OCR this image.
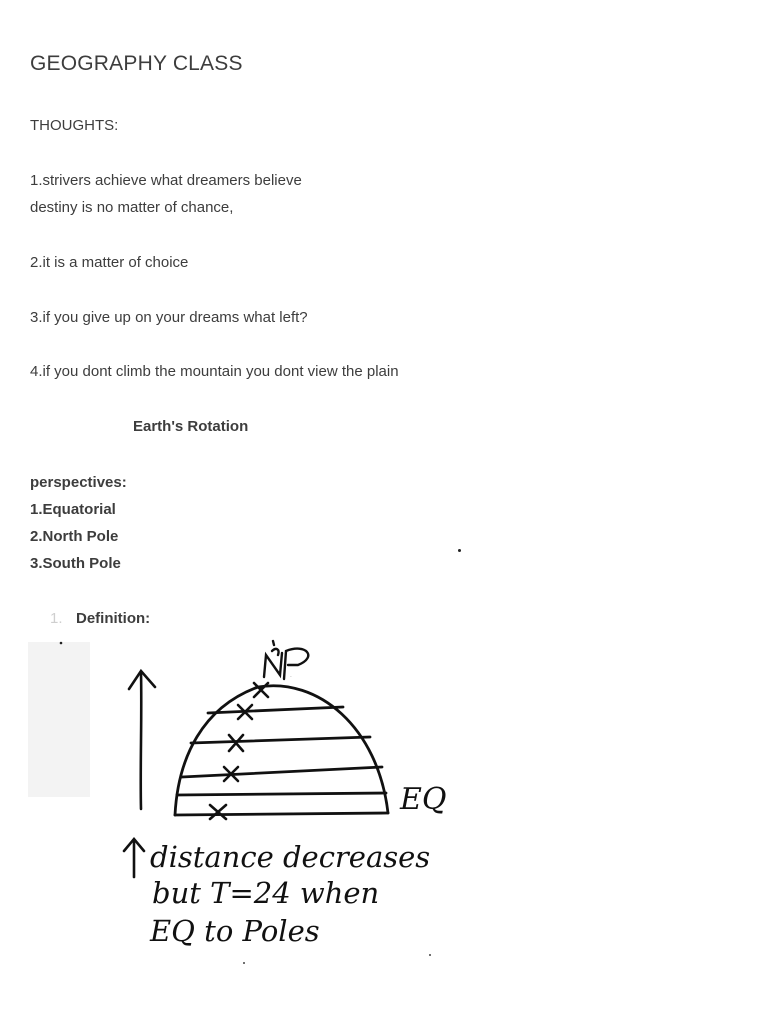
GEOGRAPHY CLASS
THOUGHTS:
1.strivers achieve what dreamers believe
destiny is no matter of chance,
2.it is a matter of choice
3.if you give up on your dreams what left?
4.if you dont climb the mountain you dont view the plain
Earth's Rotation
perspectives:
1.Equatorial
2.North Pole
3.South Pole
1. Definition:
NP
EQ
distance decreases
but T=24 when
EQ to Poles
